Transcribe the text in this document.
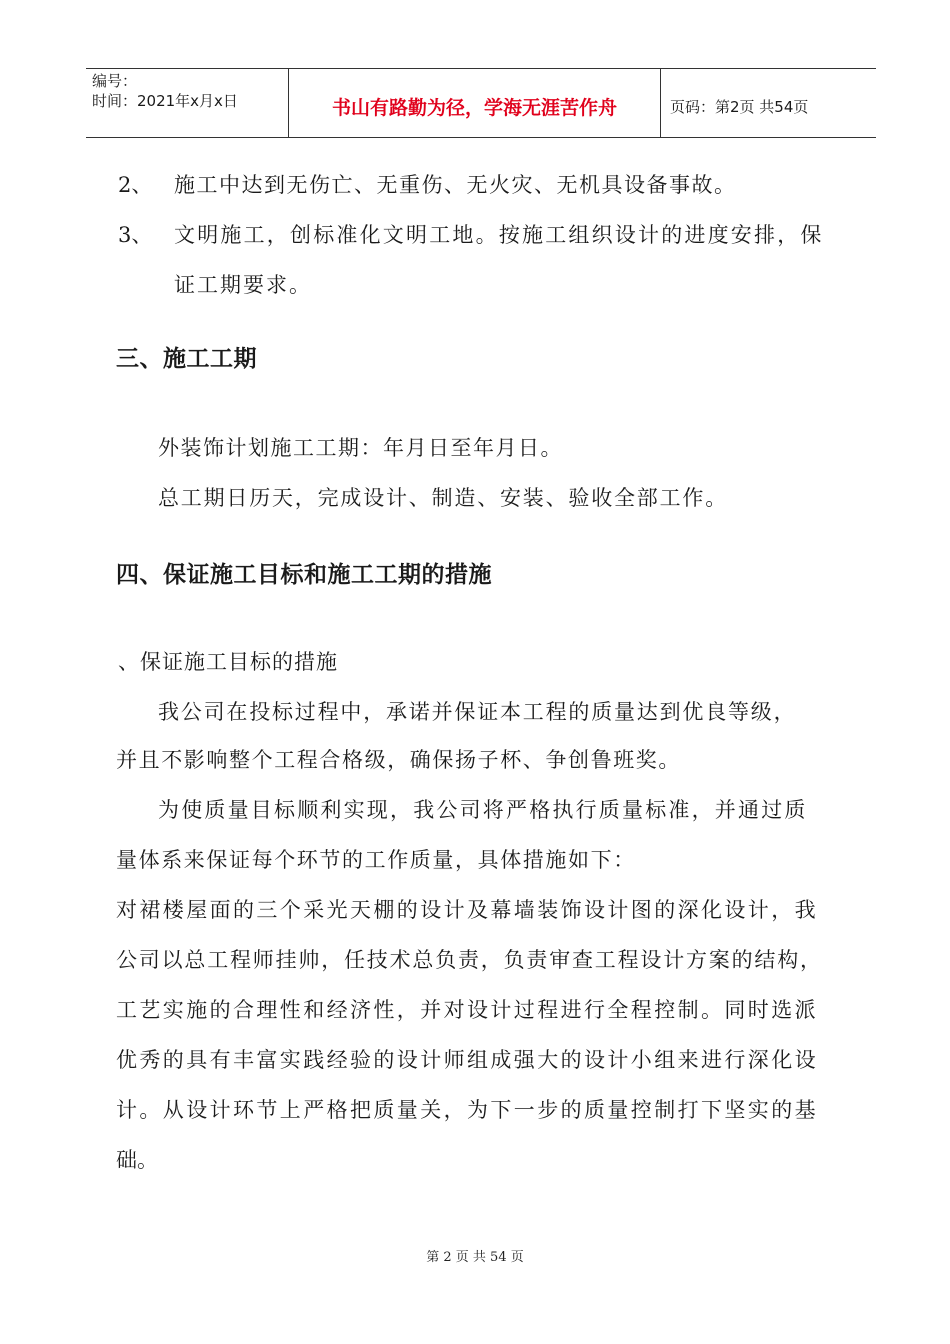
编号：
时间：2021年x月x日	书山有路勤为径，学海无涯苦作舟	页码：第2页 共54页
2、 施工中达到无伤亡、无重伤、无火灾、无机具设备事故。
3、 文明施工，创标准化文明工地。按施工组织设计的进度安排，保
证工期要求。
三、施工工期
外装饰计划施工工期：年月日至年月日。
总工期日历天，完成设计、制造、安装、验收全部工作。
四、保证施工目标和施工工期的措施
、保证施工目标的措施
我公司在投标过程中，承诺并保证本工程的质量达到优良等级，
并且不影响整个工程合格级，确保扬子杯、争创鲁班奖。
为使质量目标顺利实现，我公司将严格执行质量标准，并通过质
量体系来保证每个环节的工作质量，具体措施如下：
对裙楼屋面的三个采光天棚的设计及幕墙装饰设计图的深化设计，我
公司以总工程师挂帅，任技术总负责，负责审查工程设计方案的结构，
工艺实施的合理性和经济性，并对设计过程进行全程控制。同时选派
优秀的具有丰富实践经验的设计师组成强大的设计小组来进行深化设
计。从设计环节上严格把质量关，为下一步的质量控制打下坚实的基
础。
第 2 页 共 54 页
